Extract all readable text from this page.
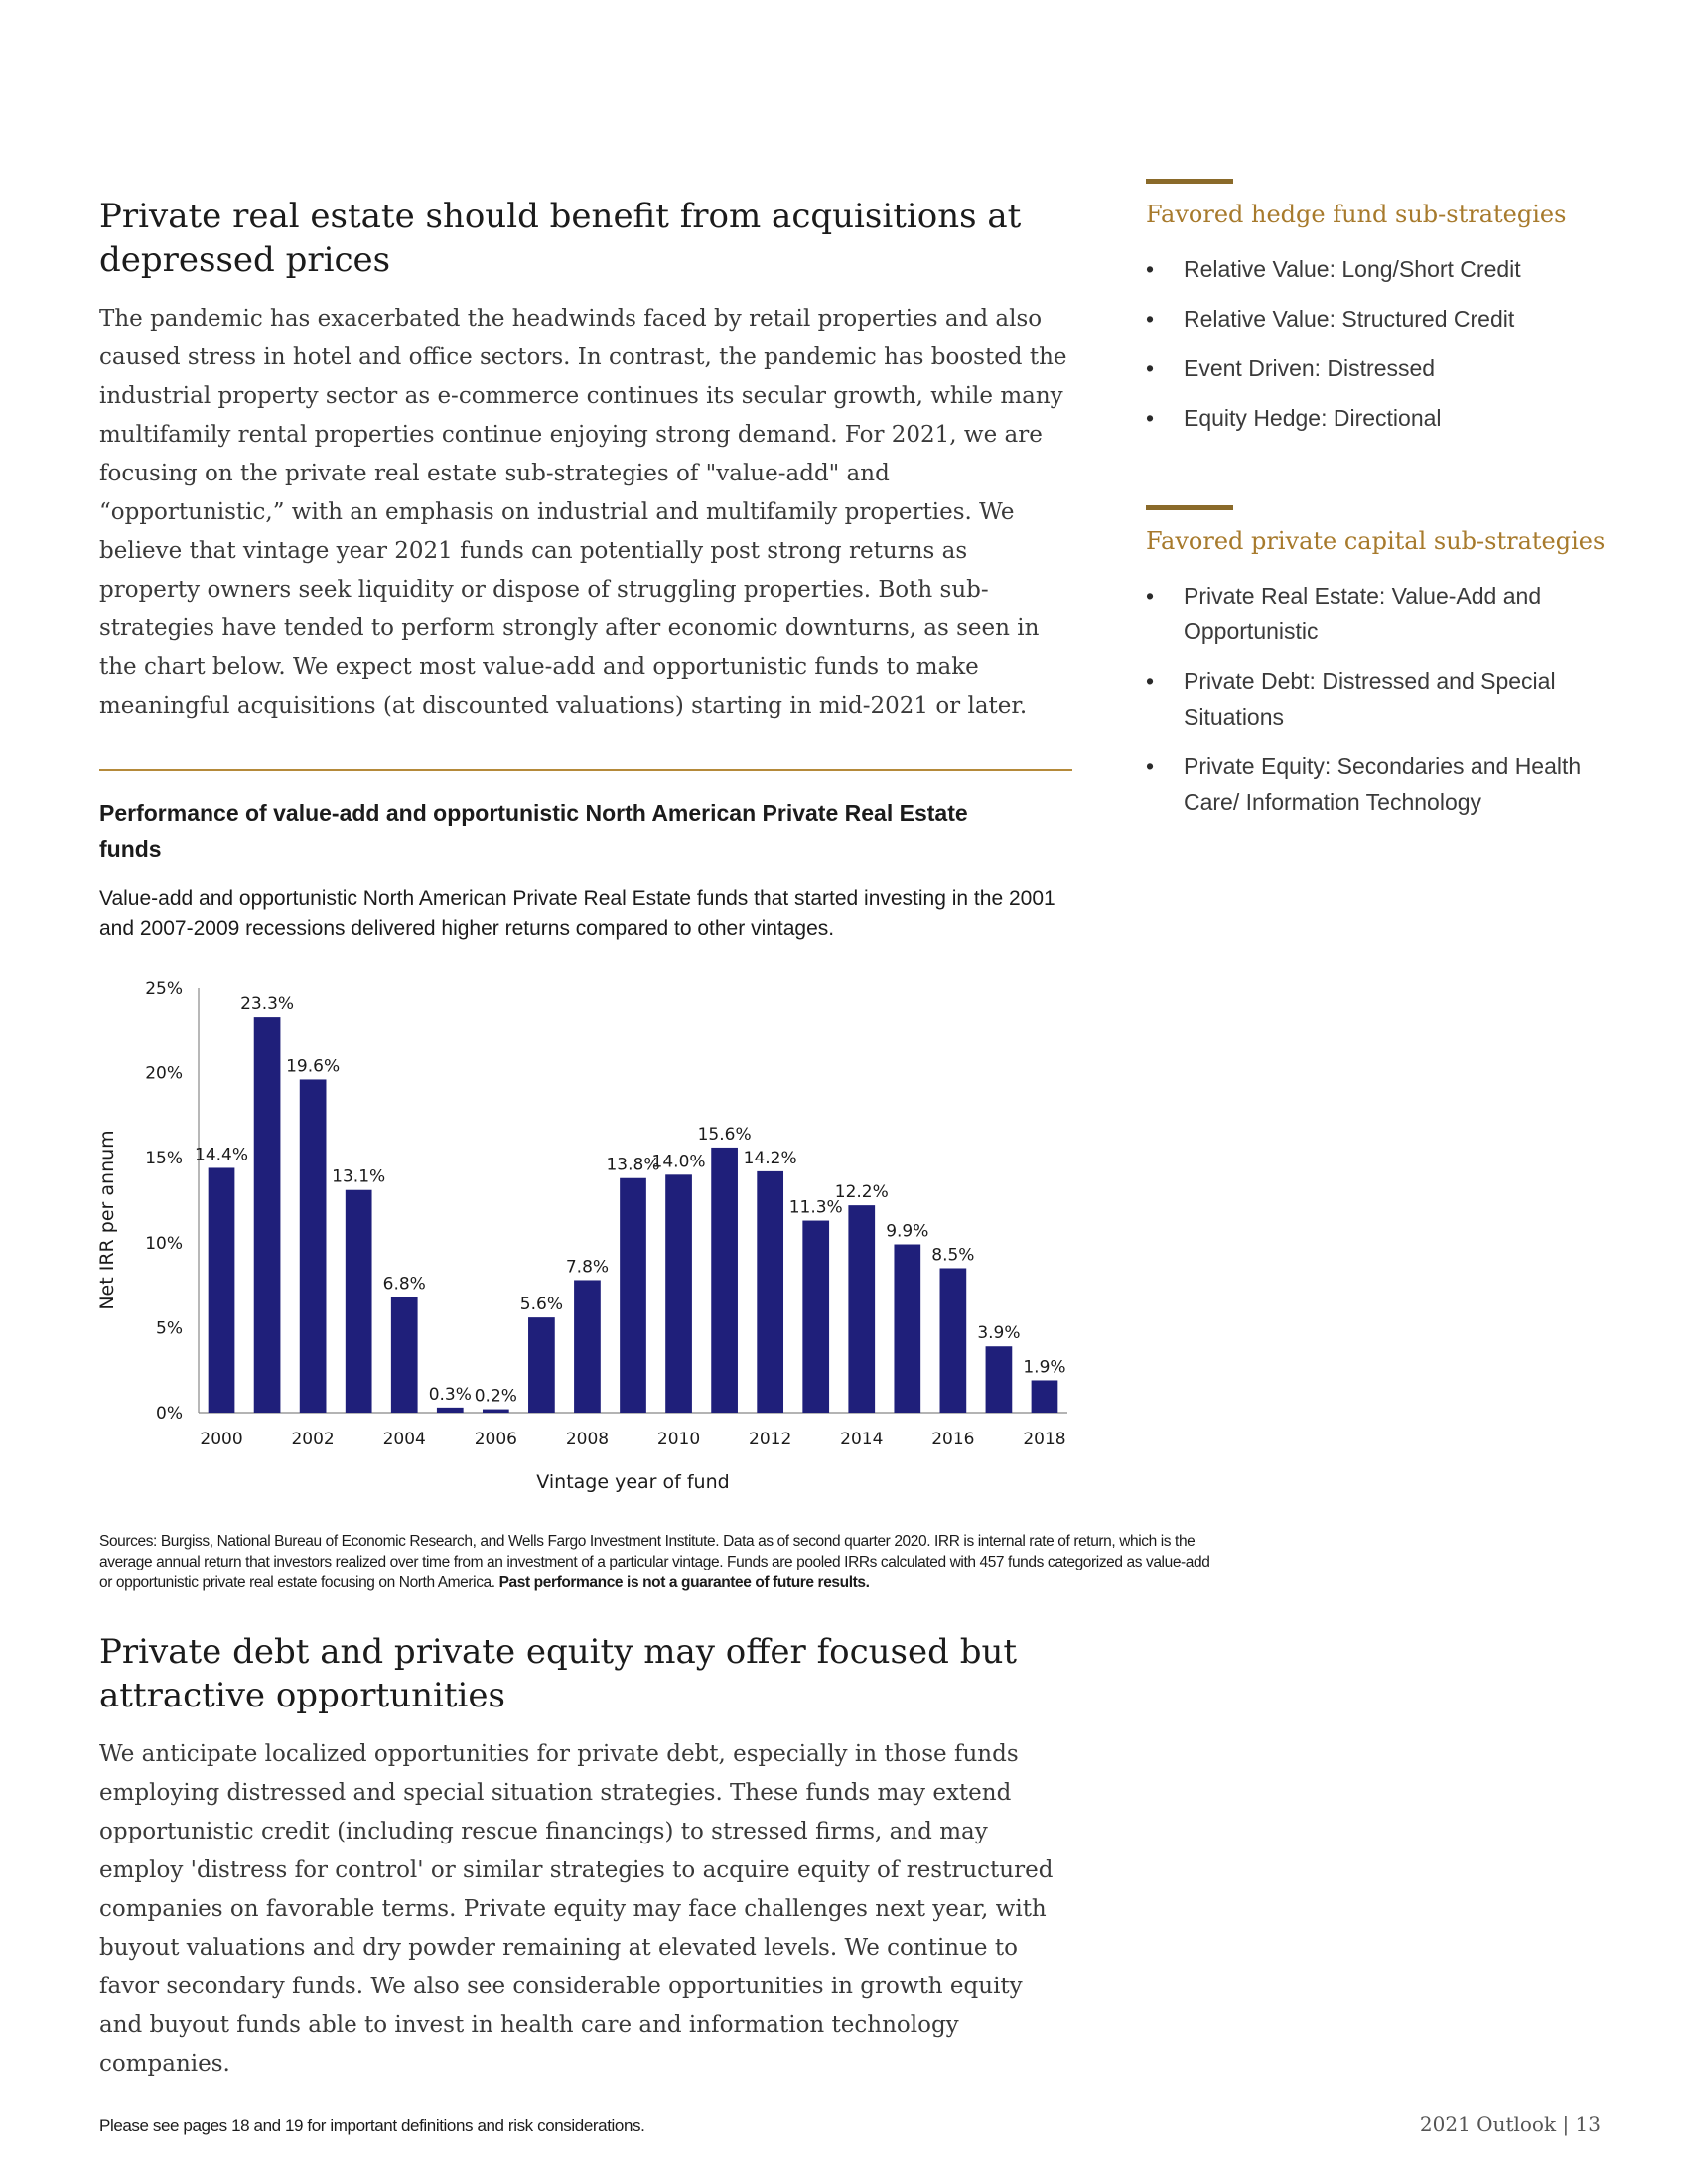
Private real estate should benefit from acquisitions at depressed prices

The pandemic has exacerbated the headwinds faced by retail properties and also caused stress in hotel and office sectors. In contrast, the pandemic has boosted the industrial property sector as e-commerce continues its secular growth, while many multifamily rental properties continue enjoying strong demand. For 2021, we are focusing on the private real estate sub-strategies of "value-add" and “opportunistic,” with an emphasis on industrial and multifamily properties. We believe that vintage year 2021 funds can potentially post strong returns as property owners seek liquidity or dispose of struggling properties. Both sub-strategies have tended to perform strongly after economic downturns, as seen in the chart below. We expect most value-add and opportunistic funds to make meaningful acquisitions (at discounted valuations) starting in mid-2021 or later.

Performance of value-add and opportunistic North American Private Real Estate funds

Value-add and opportunistic North American Private Real Estate funds that started investing in the 2001 and 2007-2009 recessions delivered higher returns compared to other vintages.

0%
5%
10%
15%
20%
25%
14.4%
23.3%
19.6%
13.1%
6.8%
0.3% 0.2%
5.6%
7.8%
13.8%
14.0%
15.6%
14.2%
11.3%
12.2%
9.9%
8.5%
3.9%
1.9%
2000	2002	2004	2006	2008	2010	2012	2014	2016	2018
Vintage year of fund
Net IRR per annum
Sources: Burgiss, National Bureau of Economic Research, and Wells Fargo Investment Institute. Data as of second quarter 2020. IRR is internal rate of return, which is the average annual return that investors realized over time from an investment of a particular vintage. Funds are pooled IRRs calculated with 457 funds categorized as value-add or opportunistic private real estate focusing on North America. Past performance is not a guarantee of future results.
Private debt and private equity may offer focused but attractive opportunities

We anticipate localized opportunities for private debt, especially in those funds employing distressed and special situation strategies. These funds may extend opportunistic credit (including rescue financings) to stressed firms, and may employ 'distress for control' or similar strategies to acquire equity of restructured companies on favorable terms. Private equity may face challenges next year, with buyout valuations and dry powder remaining at elevated levels. We continue to favor secondary funds. We also see considerable opportunities in growth equity and buyout funds able to invest in health care and information technology companies.

Please see pages 18 and 19 for important definitions and risk considerations.	2021 Outlook | 13
Favored hedge fund sub-strategies
• Relative Value: Long/Short Credit
• Relative Value: Structured Credit
• Event Driven: Distressed
• Equity Hedge: Directional
Favored private capital sub-strategies
• Private Real Estate: Value-Add and Opportunistic
• Private Debt: Distressed and Special Situations
• Private Equity: Secondaries and Health Care/ Information Technology
